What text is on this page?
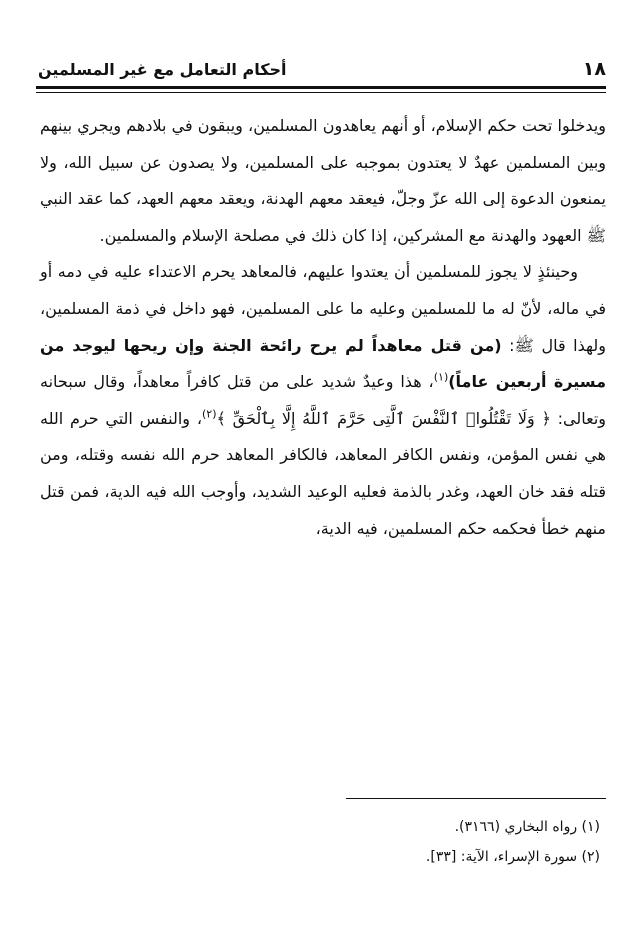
١٨
أحكام التعامل مع غير المسلمين

ويدخلوا تحت حكم الإسلام، أو أنهم يعاهدون المسلمين، ويبقون في بلادهم ويجري بينهم وبين المسلمين عهدٌ لا يعتدون بموجبه على المسلمين، ولا يصدون عن سبيل الله، ولا يمنعون الدعوة إلى الله عزّ وجلّ، فيعقد معهم الهدنة، ويعقد معهم العهد، كما عقد النبي ﷺ العهود والهدنة مع المشركين، إذا كان ذلك في مصلحة الإسلام والمسلمين.

وحينئذٍ لا يجوز للمسلمين أن يعتدوا عليهم، فالمعاهد يحرم الاعتداء عليه في دمه أو في ماله، لأنّ له ما للمسلمين وعليه ما على المسلمين، فهو داخل في ذمة المسلمين، ولهذا قال ﷺ: (من قتل معاهداً لم يرح رائحة الجنة وإن ريحها ليوجد من مسيرة أربعين عاماً)$^{(١)}$، هذا وعيدٌ شديد على من قتل كافراً معاهداً، وقال سبحانه وتعالى: ﴿ وَلَا تَقْتُلُوا۟ ٱلنَّفْسَ ٱلَّتِى حَرَّمَ ٱللَّهُ إِلَّا بِٱلْحَقِّ ﴾$^{(٢)}$، والنفس التي حرم الله هي نفس المؤمن، ونفس الكافر المعاهد، فالكافر المعاهد حرم الله نفسه وقتله، ومن قتله فقد خان العهد، وغدر بالذمة فعليه الوعيد الشديد، وأوجب الله فيه الدية، فمن قتل منهم خطأ فحكمه حكم المسلمين، فيه الدية،

(١) رواه البخاري (٣١٦٦).
(٢) سورة الإسراء، الآية: [٣٣].
